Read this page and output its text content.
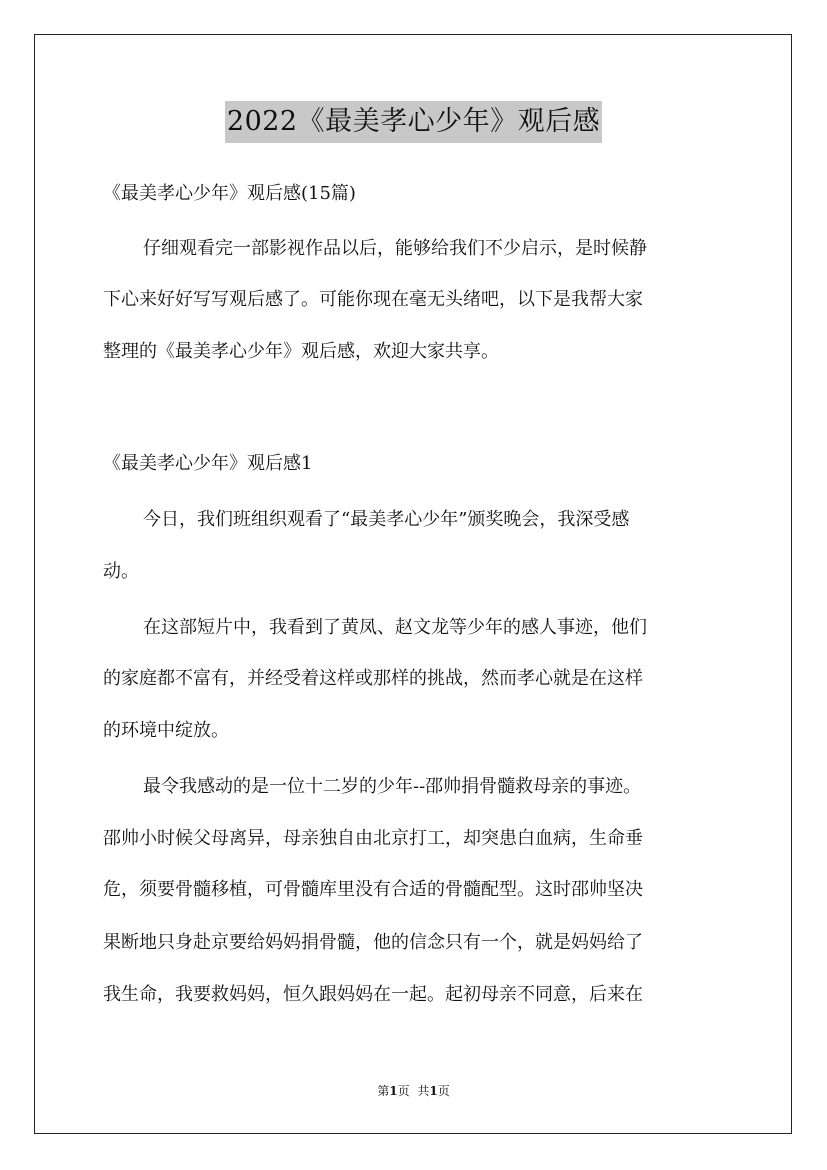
2022《最美孝心少年》观后感
《最美孝心少年》观后感(15篇)
仔细观看完一部影视作品以后，能够给我们不少启示，是时候静
下心来好好写写观后感了。可能你现在毫无头绪吧，以下是我帮大家
整理的《最美孝心少年》观后感，欢迎大家共享。
《最美孝心少年》观后感1
今日，我们班组织观看了“最美孝心少年”颁奖晚会，我深受感
动。
在这部短片中，我看到了黄凤、赵文龙等少年的感人事迹，他们
的家庭都不富有，并经受着这样或那样的挑战，然而孝心就是在这样
的环境中绽放。
最令我感动的是一位十二岁的少年--邵帅捐骨髓救母亲的事迹。
邵帅小时候父母离异，母亲独自由北京打工，却突患白血病，生命垂
危，须要骨髓移植，可骨髓库里没有合适的骨髓配型。这时邵帅坚决
果断地只身赴京要给妈妈捐骨髓，他的信念只有一个，就是妈妈给了
我生命，我要救妈妈，恒久跟妈妈在一起。起初母亲不同意，后来在
第1页 共1页
